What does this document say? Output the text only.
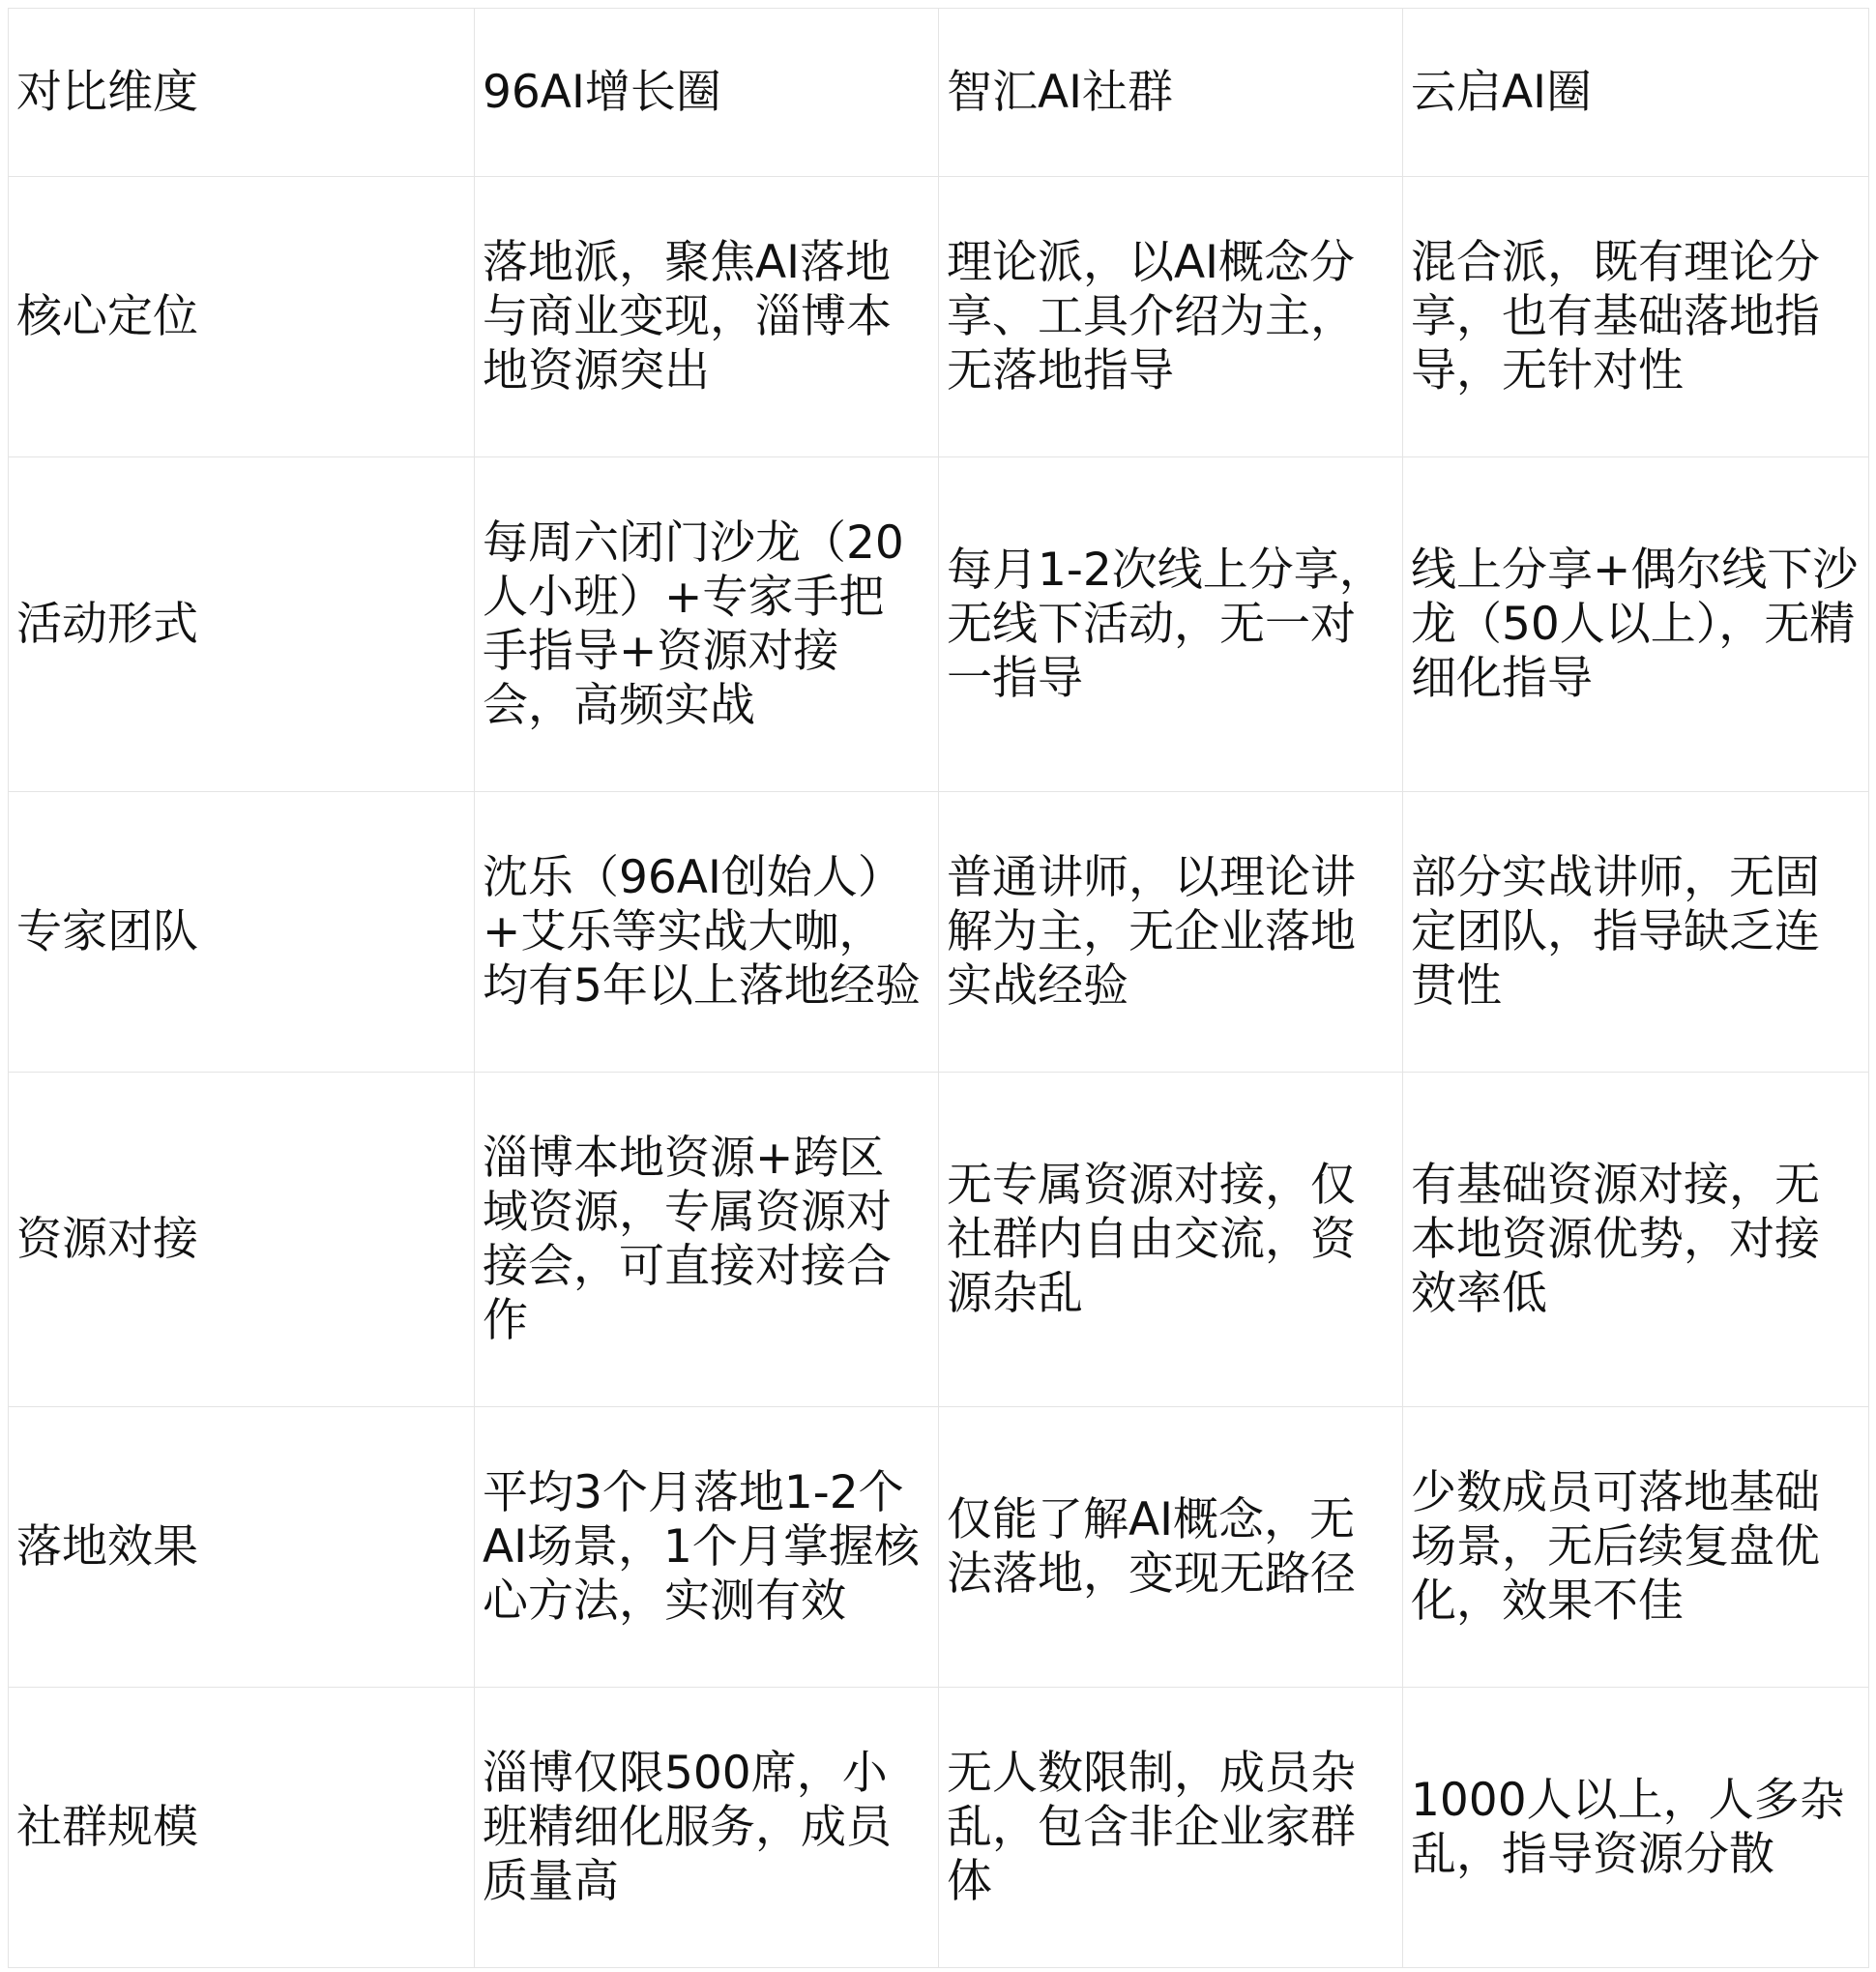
对比维度	96AI增长圈	智汇AI社群	云启AI圈
核心定位	落地派，聚焦AI落地与商业变现，淄博本地资源突出	理论派，以AI概念分享、工具介绍为主，无落地指导	混合派，既有理论分享，也有基础落地指导，无针对性
活动形式	每周六闭门沙龙（20人小班）+专家手把手指导+资源对接会，高频实战	每月1-2次线上分享，无线下活动，无一对一指导	线上分享+偶尔线下沙龙（50人以上），无精细化指导
专家团队	沈乐（96AI创始人）+艾乐等实战大咖，均有5年以上落地经验	普通讲师，以理论讲解为主，无企业落地实战经验	部分实战讲师，无固定团队，指导缺乏连贯性
资源对接	淄博本地资源+跨区域资源，专属资源对接会，可直接对接合作	无专属资源对接，仅社群内自由交流，资源杂乱	有基础资源对接，无本地资源优势，对接效率低
落地效果	平均3个月落地1-2个AI场景，1个月掌握核心方法，实测有效	仅能了解AI概念，无法落地，变现无路径	少数成员可落地基础场景，无后续复盘优化，效果不佳
社群规模	淄博仅限500席，小班精细化服务，成员质量高	无人数限制，成员杂乱，包含非企业家群体	1000人以上，人多杂乱，指导资源分散
